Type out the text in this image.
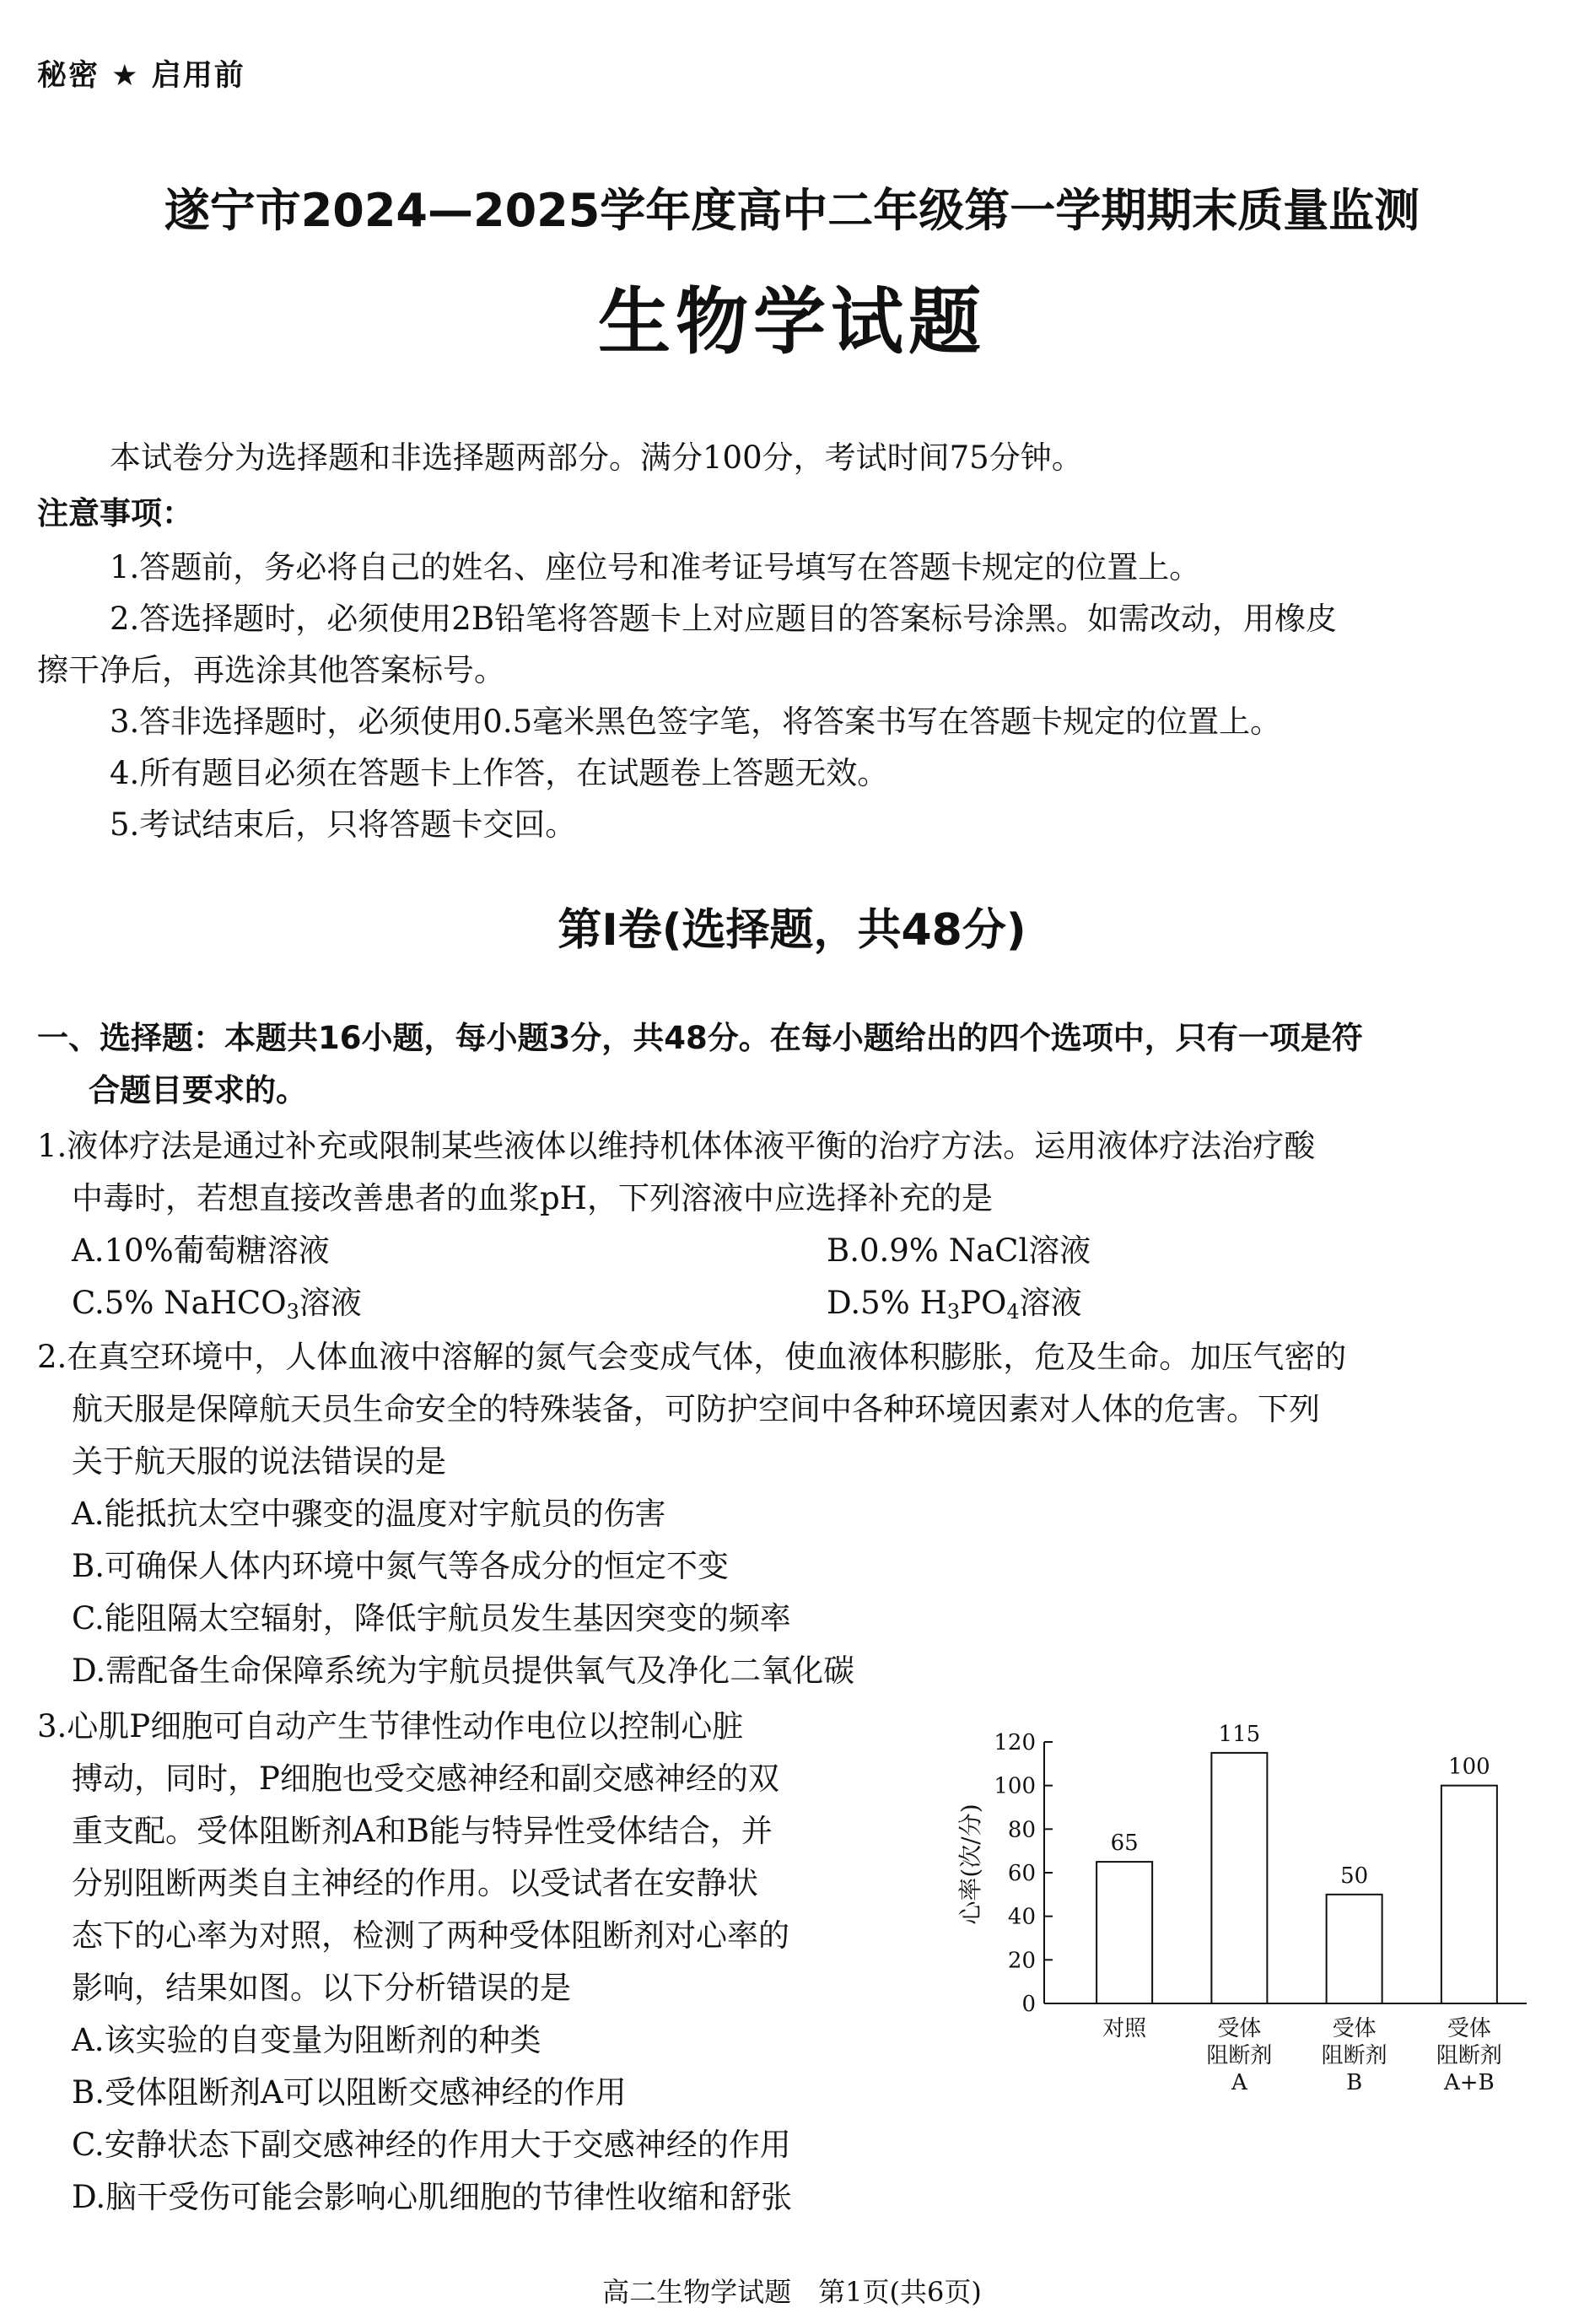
秘密 ★ 启用前
遂宁市2024—2025学年度高中二年级第一学期期末质量监测
生物学试题
本试卷分为选择题和非选择题两部分。满分100分，考试时间75分钟。
注意事项：
1.答题前，务必将自己的姓名、座位号和准考证号填写在答题卡规定的位置上。
2.答选择题时，必须使用2B铅笔将答题卡上对应题目的答案标号涂黑。如需改动，用橡皮
擦干净后，再选涂其他答案标号。
3.答非选择题时，必须使用0.5毫米黑色签字笔，将答案书写在答题卡规定的位置上。
4.所有题目必须在答题卡上作答，在试题卷上答题无效。
5.考试结束后，只将答题卡交回。
第Ⅰ卷(选择题，共48分)
一、选择题：本题共16小题，每小题3分，共48分。在每小题给出的四个选项中，只有一项是符
合题目要求的。
1.液体疗法是通过补充或限制某些液体以维持机体体液平衡的治疗方法。运用液体疗法治疗酸
中毒时，若想直接改善患者的血浆pH，下列溶液中应选择补充的是
A.10%葡萄糖溶液	B.0.9% NaCl溶液
C.5% NaHCO$_3$溶液	D.5% $H_3PO_4$溶液
2.在真空环境中，人体血液中溶解的氮气会变成气体，使血液体积膨胀，危及生命。加压气密的
航天服是保障航天员生命安全的特殊装备，可防护空间中各种环境因素对人体的危害。下列
关于航天服的说法错误的是
A.能抵抗太空中骤变的温度对宇航员的伤害
B.可确保人体内环境中氮气等各成分的恒定不变
C.能阻隔太空辐射，降低宇航员发生基因突变的频率
D.需配备生命保障系统为宇航员提供氧气及净化二氧化碳
3.心肌P细胞可自动产生节律性动作电位以控制心脏
搏动，同时，P细胞也受交感神经和副交感神经的双
重支配。受体阻断剂A和B能与特异性受体结合，并
分别阻断两类自主神经的作用。以受试者在安静状
态下的心率为对照，检测了两种受体阻断剂对心率的
影响，结果如图。以下分析错误的是
A.该实验的自变量为阻断剂的种类
B.受体阻断剂A可以阻断交感神经的作用
C.安静状态下副交感神经的作用大于交感神经的作用
D.脑干受伤可能会影响心肌细胞的节律性收缩和舒张
0
20
40
60
80
100
120
65
115
50
100
对照	受体
阻断剂
A
受体
阻断剂
B
受体
阻断剂
A+B
心率(次/分)
高二生物学试题　第1页(共6页)
